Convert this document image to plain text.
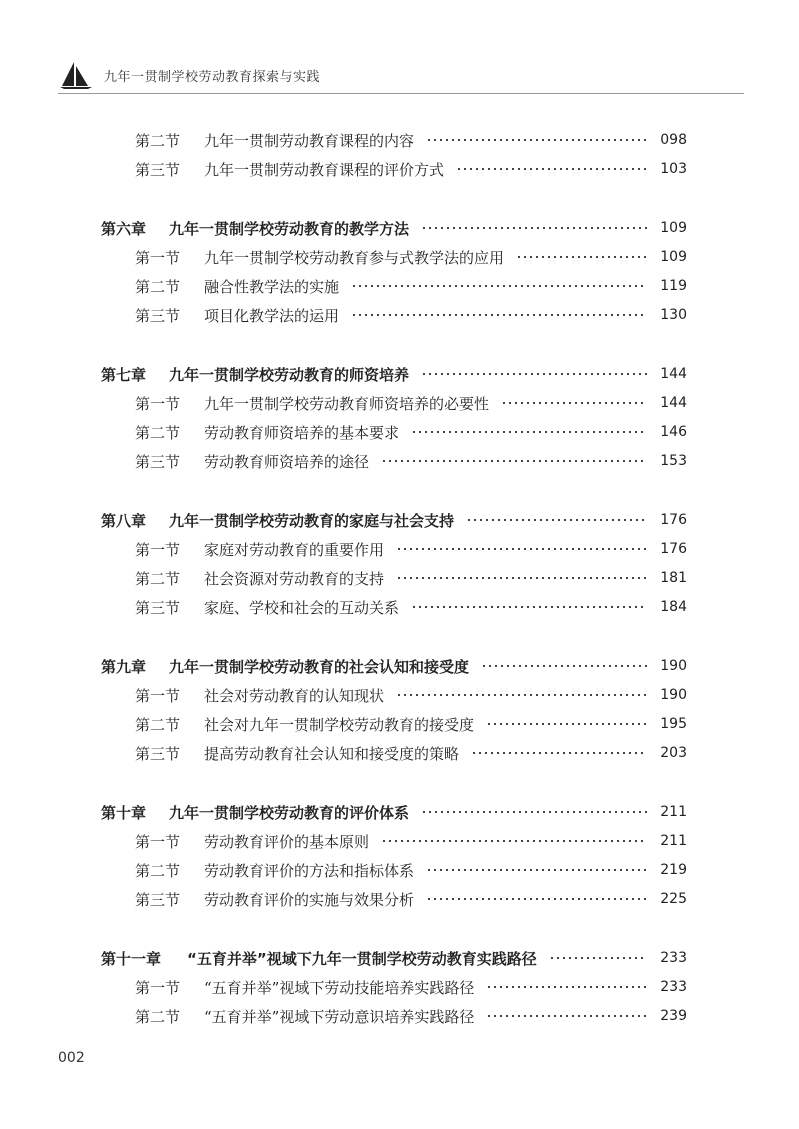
九年一贯制学校劳动教育探索与实践
第二节	九年一贯制劳动教育课程的内容	098
第三节	九年一贯制劳动教育课程的评价方式	103
第六章	九年一贯制学校劳动教育的教学方法	109
第一节	九年一贯制学校劳动教育参与式教学法的应用	109
第二节	融合性教学法的实施	119
第三节	项目化教学法的运用	130
第七章	九年一贯制学校劳动教育的师资培养	144
第一节	九年一贯制学校劳动教育师资培养的必要性	144
第二节	劳动教育师资培养的基本要求	146
第三节	劳动教育师资培养的途径	153
第八章	九年一贯制学校劳动教育的家庭与社会支持	176
第一节	家庭对劳动教育的重要作用	176
第二节	社会资源对劳动教育的支持	181
第三节	家庭、学校和社会的互动关系	184
第九章	九年一贯制学校劳动教育的社会认知和接受度	190
第一节	社会对劳动教育的认知现状	190
第二节	社会对九年一贯制学校劳动教育的接受度	195
第三节	提高劳动教育社会认知和接受度的策略	203
第十章	九年一贯制学校劳动教育的评价体系	211
第一节	劳动教育评价的基本原则	211
第二节	劳动教育评价的方法和指标体系	219
第三节	劳动教育评价的实施与效果分析	225
第十一章	“五育并举”视域下九年一贯制学校劳动教育实践路径	233
第一节	“五育并举”视域下劳动技能培养实践路径	233
第二节	“五育并举”视域下劳动意识培养实践路径	239
002
